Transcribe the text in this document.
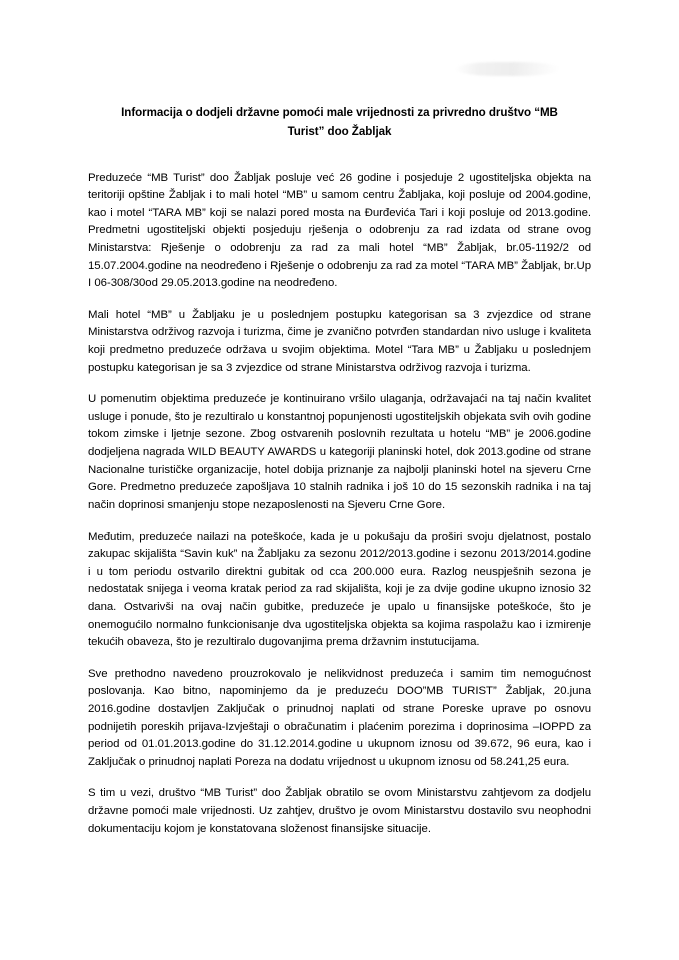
Informacija o dodjeli državne pomoći male vrijednosti za privredno društvo “MB Turist” doo Žabljak

Preduzeće “MB Turist” doo Žabljak posluje već 26 godine i posjeduje 2 ugostiteljska objekta na teritoriji opštine Žabljak i to mali hotel “MB” u samom centru Žabljaka, koji posluje od 2004.godine, kao i motel “TARA MB” koji se nalazi pored mosta na Đurđevića Tari i koji posluje od 2013.godine. Predmetni ugostiteljski objekti posjeduju rješenja o odobrenju za rad izdata od strane ovog Ministarstva: Rješenje o odobrenju za rad za mali hotel “MB” Žabljak, br.05-1192/2 od 15.07.2004.godine na neodređeno i Rješenje o odobrenju za rad za motel “TARA MB” Žabljak, br.Up I 06-308/30od 29.05.2013.godine na neodređeno.

Mali hotel “MB” u Žabljaku je u poslednjem postupku kategorisan sa 3 zvjezdice od strane Ministarstva održivog razvoja i turizma, čime je zvanično potvrđen standardan nivo usluge i kvaliteta koji predmetno preduzeće održava u svojim objektima. Motel “Tara MB” u Žabljaku u poslednjem postupku kategorisan je sa 3 zvjezdice od strane Ministarstva održivog razvoja i turizma.

U pomenutim objektima preduzeće je kontinuirano vršilo ulaganja, održavajaći na taj način kvalitet usluge i ponude, što je rezultiralo u konstantnoj popunjenosti ugostiteljskih objekata svih ovih godine tokom zimske i ljetnje sezone. Zbog ostvarenih poslovnih rezultata u hotelu “MB” je 2006.godine dodjeljena nagrada WILD BEAUTY AWARDS u kategoriji planinski hotel, dok 2013.godine od strane Nacionalne turističke organizacije, hotel dobija priznanje za najbolji planinski hotel na sjeveru Crne Gore. Predmetno preduzeće zapošljava 10 stalnih radnika i još 10 do 15 sezonskih radnika i na taj način doprinosi smanjenju stope nezaposlenosti na Sjeveru Crne Gore.

Međutim, preduzeće nailazi na poteškoće, kada je u pokušaju da proširi svoju djelatnost, postalo zakupac skijališta “Savin kuk” na Žabljaku za sezonu 2012/2013.godine i sezonu 2013/2014.godine i u tom periodu ostvarilo direktni gubitak od cca 200.000 eura. Razlog neuspješnih sezona je nedostatak snijega i veoma kratak period za rad skijališta, koji je za dvije godine ukupno iznosio 32 dana. Ostvarivši na ovaj način gubitke, preduzeće je upalo u finansijske poteškoće, što je onemogućilo normalno funkcionisanje dva ugostiteljska objekta sa kojima raspolažu kao i izmirenje tekućih obaveza, što je rezultiralo dugovanjima prema državnim instutucijama.

Sve prethodno navedeno prouzrokovalo je nelikvidnost preduzeća i samim tim nemogućnost poslovanja. Kao bitno, napominjemo da je preduzeću DOO”MB TURIST” Žabljak, 20.juna 2016.godine dostavljen Zaključak o prinudnoj naplati od strane Poreske uprave po osnovu podnijetih poreskih prijava-Izvještaji o obračunatim i plaćenim porezima i doprinosima –IOPPD za period od 01.01.2013.godine do 31.12.2014.godine u ukupnom iznosu od 39.672, 96 eura, kao i Zaključak o prinudnoj naplati Poreza na dodatu vrijednost u ukupnom iznosu od 58.241,25 eura.

S tim u vezi, društvo “MB Turist” doo Žabljak obratilo se ovom Ministarstvu zahtjevom za dodjelu državne pomoći male vrijednosti. Uz zahtjev, društvo je ovom Ministarstvu dostavilo svu neophodni dokumentaciju kojom je konstatovana složenost finansijske situacije.
